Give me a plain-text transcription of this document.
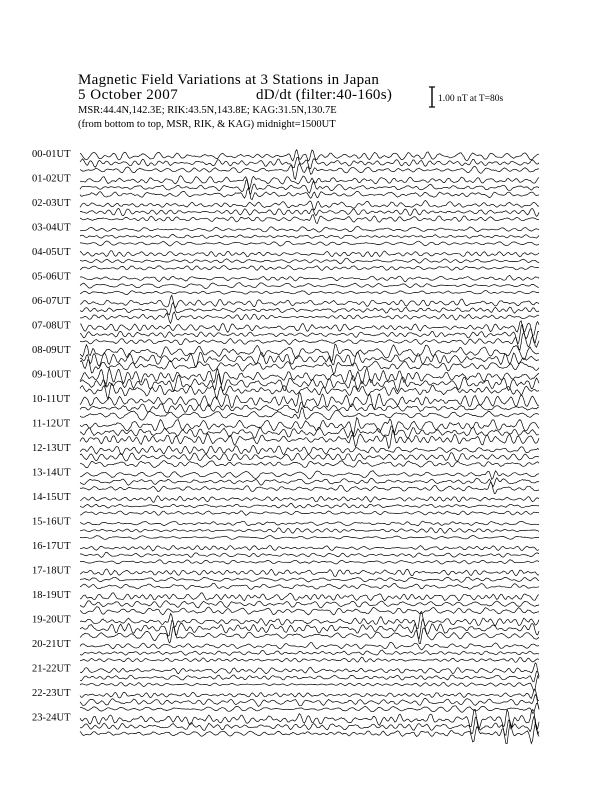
Magnetic Field Variations at 3 Stations in Japan
5 October 2007	dD/dt (filter:40-160s)
MSR:44.4N,142.3E; RIK:43.5N,143.8E; KAG:31.5N,130.7E
(from bottom to top, MSR, RIK, & KAG) midnight=1500UT
1.00 nT at T=80s
00-01UT
01-02UT
02-03UT
03-04UT
04-05UT
05-06UT
06-07UT
07-08UT
08-09UT
09-10UT
10-11UT
11-12UT
12-13UT
13-14UT
14-15UT
15-16UT
16-17UT
17-18UT
18-19UT
19-20UT
20-21UT
21-22UT
22-23UT
23-24UT
